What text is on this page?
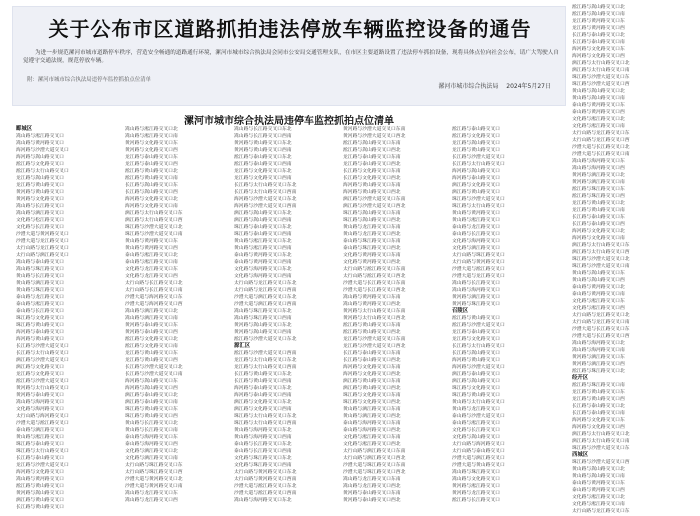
关于公布市区道路抓拍违法停放车辆监控设备的通告
为进一步规范漯河市城市道路停车秩序，营造安全畅通的道路通行环境，漯河市城市综合执法局会同市公安局交通管理支队，在市区主要道路设置了违法停车抓拍设备，现将具体点位向社会公布，请广大驾驶人自觉遵守交通法规，规范停放车辆。
附：漯河市城市综合执法局违停车监控抓拍点位清单
漯河市城市综合执法局 2024年5月27日
漯河市城市综合执法局违停车监控抓拍点位清单
郾城区
嵩山路与淞江路交叉口
嵩山路与黄河路交叉口
海河路与沙澧大道交叉口
海河路与嵩山路交叉口
淞江路与文化路交叉口
淞江路与太行山路交叉口
龙江路与嵩山路交叉口
龙江路与黄山路交叉口
黄河路与黄山路交叉口
黄河路与文化路交叉口
嵩山路与长江路交叉口
嵩山路与漓江路交叉口
文化路与松江路交叉口
文化路与长江路交叉口
沙澧大道与黄河路交叉口
沙澧大道与龙江路交叉口
太行山路与龙江路交叉口
太行山路与漓江路交叉口
嵩山路与泰山路交叉口
嵩山路与珠江路交叉口
黄山路与长江路交叉口
黄山路与漓江路交叉口
黄山路与珠江路交叉口
泰山路与龙江路交叉口
泰山路与淞江路交叉口
泰山路与长江路交叉口
珠江路与文化路交叉口
珠江路与黄山路交叉口
海河路与泰山路交叉口
海河路与黄山路交叉口
长江路与沙澧大道交叉口
长江路与太行山路交叉口
漓江路与沙澧大道交叉口
漓江路与文化路交叉口
龙江路与文化路交叉口
淞江路与沙澧大道交叉口
黄河路与太行山路交叉口
黄河路与泰山路交叉口
嵩山路与海河路交叉口
文化路与海河路交叉口
太行山路与海河路交叉口
沙澧大道与淞江路交叉口
泰山路与漓江路交叉口
黄山路与淞江路交叉口
珠江路与泰山路交叉口
珠江路与太行山路交叉口
长江路与泰山路交叉口
龙江路与沙澧大道交叉口
海河路与文化路交叉口
嵩山路与黄河路交叉口
淞江路与黄山路交叉口
黄河路与嵩山路交叉口
漓江路与黄山路交叉口
长江路与黄山路交叉口
嵩山路与淞江路交叉口北
嵩山路与淞江路交叉口南
黄河路与文化路交叉口东
黄河路与文化路交叉口西
龙江路与泰山路交叉口东
龙江路与泰山路交叉口西
淞江路与黄山路交叉口北
淞江路与黄山路交叉口南
长江路与嵩山路交叉口东
长江路与嵩山路交叉口西
海河路与文化路交叉口北
海河路与文化路交叉口南
漓江路与太行山路交叉口东
漓江路与太行山路交叉口西
珠江路与沙澧大道交叉口北
珠江路与沙澧大道交叉口南
黄山路与黄河路交叉口东
黄山路与黄河路交叉口西
泰山路与淞江路交叉口北
泰山路与淞江路交叉口南
文化路与龙江路交叉口东
文化路与龙江路交叉口西
太行山路与长江路交叉口北
太行山路与长江路交叉口南
沙澧大道与海河路交叉口东
沙澧大道与海河路交叉口西
嵩山路与漓江路交叉口北
嵩山路与漓江路交叉口南
黄河路与泰山路交叉口东
黄河路与泰山路交叉口西
淞江路与文化路交叉口北
淞江路与文化路交叉口南
龙江路与黄山路交叉口东
龙江路与黄山路交叉口西
长江路与沙澧大道交叉口北
长江路与沙澧大道交叉口南
海河路与嵩山路交叉口东
海河路与嵩山路交叉口西
漓江路与泰山路交叉口北
漓江路与泰山路交叉口南
珠江路与黄山路交叉口东
珠江路与黄山路交叉口西
黄山路与长江路交叉口北
黄山路与长江路交叉口南
泰山路与海河路交叉口东
泰山路与海河路交叉口西
文化路与漓江路交叉口北
文化路与漓江路交叉口南
太行山路与珠江路交叉口东
太行山路与珠江路交叉口西
沙澧大道与黄河路交叉口北
沙澧大道与黄河路交叉口南
嵩山路与龙江路交叉口东
嵩山路与龙江路交叉口西
嵩山路与长江路交叉口东北
嵩山路与长江路交叉口西南
黄河路与黄山路交叉口东北
黄河路与黄山路交叉口西南
淞江路与泰山路交叉口东北
淞江路与泰山路交叉口西南
龙江路与文化路交叉口东北
龙江路与文化路交叉口西南
长江路与太行山路交叉口东北
长江路与太行山路交叉口西南
海河路与沙澧大道交叉口东北
海河路与沙澧大道交叉口西南
漓江路与嵩山路交叉口东北
漓江路与嵩山路交叉口西南
珠江路与泰山路交叉口东北
珠江路与泰山路交叉口西南
黄山路与淞江路交叉口东北
黄山路与淞江路交叉口西南
泰山路与黄河路交叉口东北
泰山路与黄河路交叉口西南
文化路与海河路交叉口东北
文化路与海河路交叉口西南
太行山路与龙江路交叉口东北
太行山路与龙江路交叉口西南
沙澧大道与漓江路交叉口东北
沙澧大道与漓江路交叉口西南
嵩山路与珠江路交叉口东北
嵩山路与珠江路交叉口西南
黄河路与嵩山路交叉口东北
黄河路与嵩山路交叉口西南
淞江路与沙澧大道交叉口东北
源汇区
淞江路与沙澧大道交叉口西南
龙江路与太行山路交叉口东北
龙江路与太行山路交叉口西南
长江路与黄山路交叉口东北
长江路与黄山路交叉口西南
海河路与泰山路交叉口东北
海河路与泰山路交叉口西南
漓江路与文化路交叉口东北
漓江路与文化路交叉口西南
珠江路与太行山路交叉口东北
珠江路与太行山路交叉口西南
黄山路与海河路交叉口东北
黄山路与海河路交叉口西南
泰山路与长江路交叉口东北
泰山路与长江路交叉口西南
文化路与珠江路交叉口东北
文化路与珠江路交叉口西南
太行山路与黄河路交叉口东北
太行山路与黄河路交叉口西南
沙澧大道与淞江路交叉口东北
沙澧大道与淞江路交叉口西南
嵩山路与海河路交叉口东北
黄河路与沙澧大道交叉口东南
黄河路与沙澧大道交叉口西北
淞江路与嵩山路交叉口东南
淞江路与嵩山路交叉口西北
龙江路与泰山路交叉口东南
龙江路与泰山路交叉口西北
长江路与文化路交叉口东南
长江路与文化路交叉口西北
海河路与黄山路交叉口东南
海河路与黄山路交叉口西北
漓江路与沙澧大道交叉口东南
漓江路与沙澧大道交叉口西北
珠江路与嵩山路交叉口东南
珠江路与嵩山路交叉口西北
黄山路与龙江路交叉口东南
黄山路与龙江路交叉口西北
泰山路与珠江路交叉口东南
泰山路与珠江路交叉口西北
文化路与黄河路交叉口东南
文化路与黄河路交叉口西北
太行山路与淞江路交叉口东南
太行山路与淞江路交叉口西北
沙澧大道与长江路交叉口东南
沙澧大道与长江路交叉口西北
嵩山路与黄河路交叉口东南
嵩山路与黄河路交叉口西北
黄河路与太行山路交叉口东南
黄河路与太行山路交叉口西北
淞江路与黄山路交叉口东南
淞江路与黄山路交叉口西北
龙江路与沙澧大道交叉口东南
龙江路与沙澧大道交叉口西北
长江路与泰山路交叉口东南
长江路与泰山路交叉口西北
海河路与文化路交叉口东南
海河路与文化路交叉口西北
漓江路与黄山路交叉口东南
漓江路与黄山路交叉口西北
珠江路与文化路交叉口东南
珠江路与文化路交叉口西北
黄山路与漓江路交叉口东南
黄山路与漓江路交叉口西北
泰山路与海河路交叉口东南
泰山路与海河路交叉口西北
文化路与淞江路交叉口东南
文化路与淞江路交叉口西北
太行山路与漓江路交叉口东南
太行山路与漓江路交叉口西北
沙澧大道与珠江路交叉口东南
沙澧大道与珠江路交叉口西北
嵩山路与龙江路交叉口东南
嵩山路与龙江路交叉口西北
黄河路与泰山路交叉口东南
黄河路与泰山路交叉口西北
淞江路与泰山路交叉口
淞江路与文化路交叉口
龙江路与嵩山路交叉口
龙江路与黄山路交叉口
长江路与沙澧大道交叉口
长江路与太行山路交叉口
海河路与嵩山路交叉口
海河路与泰山路交叉口
漓江路与文化路交叉口
漓江路与黄山路交叉口
珠江路与沙澧大道交叉口
珠江路与太行山路交叉口
黄山路与黄河路交叉口
黄山路与淞江路交叉口
泰山路与龙江路交叉口
泰山路与长江路交叉口
文化路与海河路交叉口
文化路与漓江路交叉口
太行山路与珠江路交叉口
太行山路与黄河路交叉口
沙澧大道与淞江路交叉口
沙澧大道与龙江路交叉口
嵩山路与长江路交叉口
嵩山路与海河路交叉口
黄河路与漓江路交叉口
黄河路与珠江路交叉口
召陵区
淞江路与黄山路交叉口
淞江路与沙澧大道交叉口
龙江路与泰山路交叉口
龙江路与文化路交叉口
长江路与太行山路交叉口
长江路与嵩山路交叉口
海河路与黄山路交叉口
海河路与沙澧大道交叉口
漓江路与泰山路交叉口
漓江路与嵩山路交叉口
珠江路与文化路交叉口
珠江路与黄山路交叉口
黄山路与太行山路交叉口
黄山路与龙江路交叉口
泰山路与沙澧大道交叉口
泰山路与淞江路交叉口
文化路与长江路交叉口
文化路与嵩山路交叉口
太行山路与海河路交叉口
太行山路与泰山路交叉口
沙澧大道与漓江路交叉口
沙澧大道与黄山路交叉口
嵩山路与珠江路交叉口
嵩山路与文化路交叉口
黄河路与淞江路交叉口
黄河路与龙江路交叉口
淞江路与长江路交叉口
淞江路与嵩山路交叉口北
淞江路与嵩山路交叉口南
龙江路与黄河路交叉口东
龙江路与黄河路交叉口西
长江路与泰山路交叉口北
长江路与泰山路交叉口南
海河路与文化路交叉口东
海河路与文化路交叉口西
漓江路与太行山路交叉口北
漓江路与太行山路交叉口南
珠江路与沙澧大道交叉口东
珠江路与沙澧大道交叉口西
黄山路与嵩山路交叉口北
黄山路与嵩山路交叉口南
泰山路与黄河路交叉口东
泰山路与黄河路交叉口西
文化路与淞江路交叉口北
文化路与淞江路交叉口南
太行山路与龙江路交叉口东
太行山路与龙江路交叉口西
沙澧大道与长江路交叉口北
沙澧大道与长江路交叉口南
嵩山路与海河路交叉口东
嵩山路与海河路交叉口西
黄河路与漓江路交叉口北
黄河路与漓江路交叉口南
淞江路与珠江路交叉口东
淞江路与珠江路交叉口西
龙江路与黄山路交叉口北
龙江路与黄山路交叉口南
长江路与泰山路交叉口东
长江路与泰山路交叉口西
海河路与文化路交叉口北
海河路与文化路交叉口南
漓江路与太行山路交叉口东
漓江路与太行山路交叉口西
珠江路与沙澧大道交叉口北
珠江路与沙澧大道交叉口南
黄山路与嵩山路交叉口东
黄山路与嵩山路交叉口西
泰山路与黄河路交叉口北
泰山路与黄河路交叉口南
文化路与淞江路交叉口东
文化路与淞江路交叉口西
太行山路与龙江路交叉口北
太行山路与龙江路交叉口南
沙澧大道与长江路交叉口东
沙澧大道与长江路交叉口西
嵩山路与海河路交叉口北
嵩山路与海河路交叉口南
黄河路与漓江路交叉口东
黄河路与漓江路交叉口西
淞江路与珠江路交叉口北
经开区
淞江路与珠江路交叉口南
龙江路与黄山路交叉口东
龙江路与黄山路交叉口西
长江路与泰山路交叉口北
长江路与泰山路交叉口南
海河路与文化路交叉口东
海河路与文化路交叉口西
漓江路与太行山路交叉口北
漓江路与太行山路交叉口南
珠江路与沙澧大道交叉口东
西城区
珠江路与沙澧大道交叉口西
黄山路与嵩山路交叉口北
黄山路与嵩山路交叉口南
泰山路与黄河路交叉口东
泰山路与黄河路交叉口西
文化路与淞江路交叉口北
文化路与淞江路交叉口南
太行山路与龙江路交叉口东
